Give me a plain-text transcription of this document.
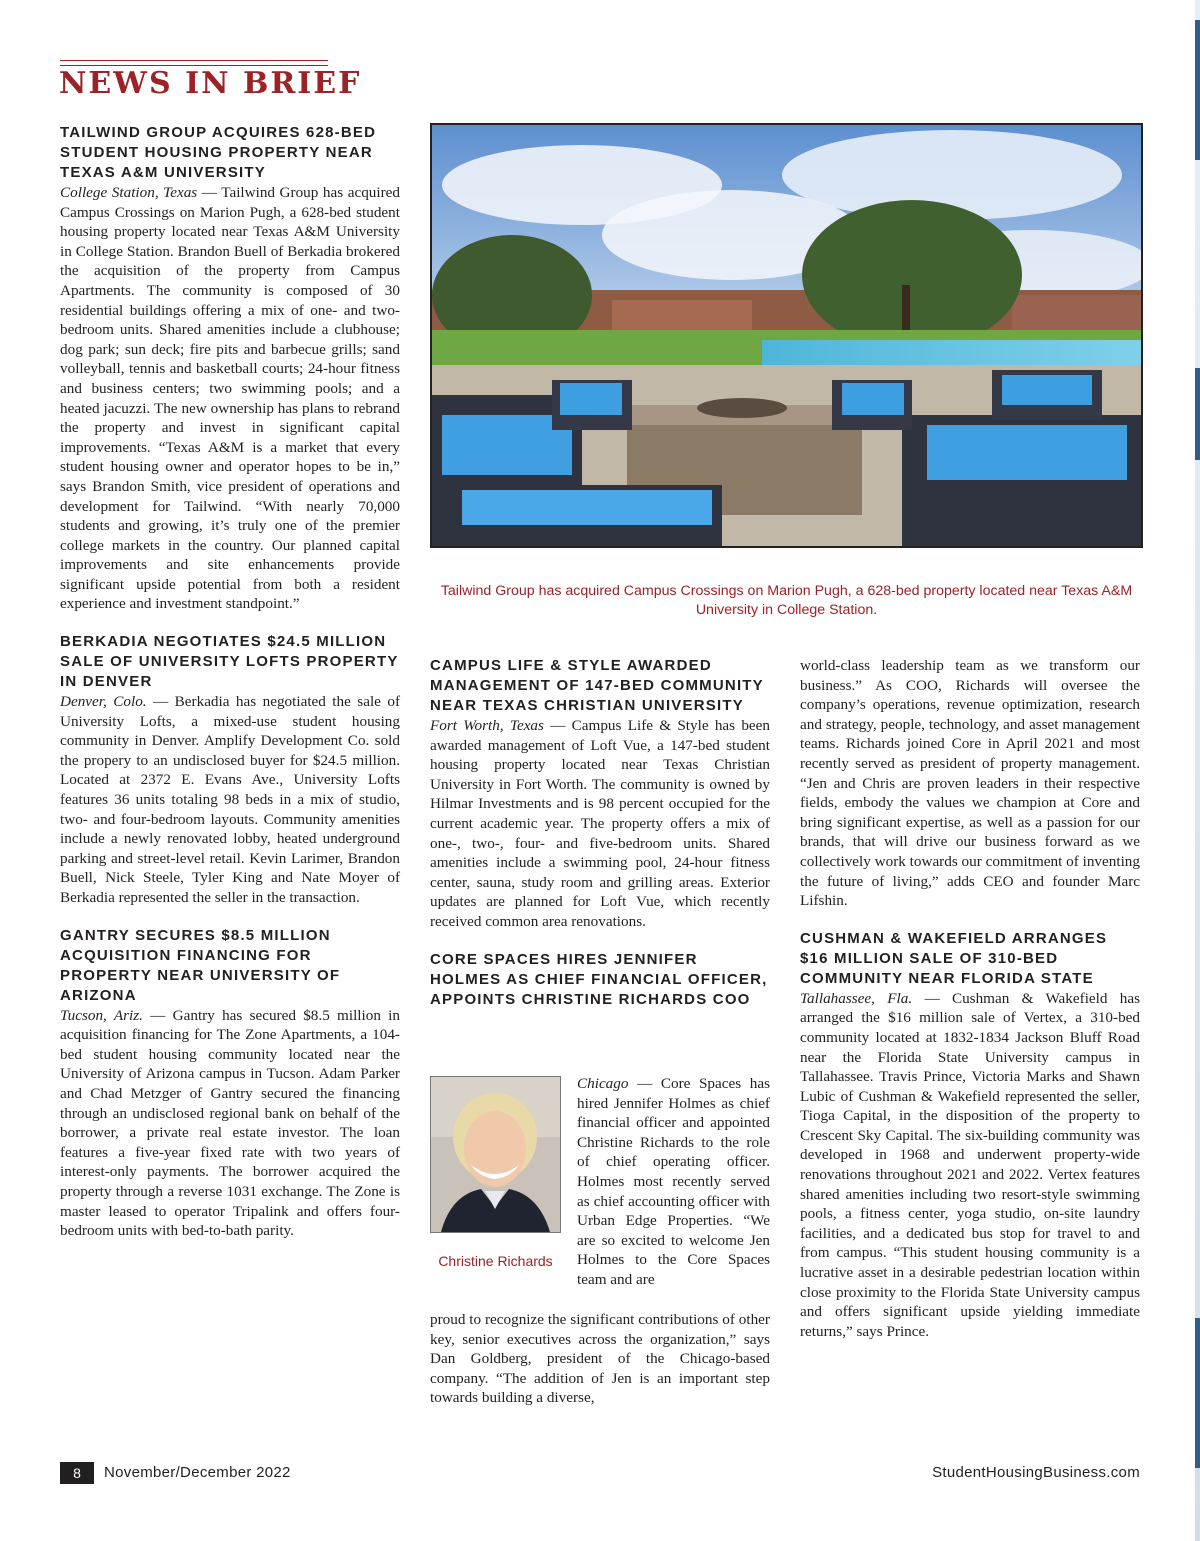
NEWS IN BRIEF
TAILWIND GROUP ACQUIRES 628-BED STUDENT HOUSING PROPERTY NEAR TEXAS A&M UNIVERSITY

College Station, Texas — Tailwind Group has acquired Campus Crossings on Marion Pugh, a 628-bed student housing property located near Texas A&M University in College Station. Brandon Buell of Berkadia brokered the acquisition of the property from Campus Apartments. The community is composed of 30 residential buildings offering a mix of one- and two-bedroom units. Shared amenities include a clubhouse; dog park; sun deck; fire pits and barbecue grills; sand volleyball, tennis and basketball courts; 24-hour fitness and business centers; two swimming pools; and a heated jacuzzi. The new ownership has plans to rebrand the property and invest in significant capital improvements. “Texas A&M is a market that every student housing owner and operator hopes to be in,” says Brandon Smith, vice president of operations and development for Tailwind. “With nearly 70,000 students and growing, it’s truly one of the premier college markets in the country. Our planned capital improvements and site enhancements provide significant upside potential from both a resident experience and investment standpoint.”

BERKADIA NEGOTIATES $24.5 MILLION SALE OF UNIVERSITY LOFTS PROPERTY IN DENVER

Denver, Colo. — Berkadia has negotiated the sale of University Lofts, a mixed-use student housing community in Denver. Amplify Development Co. sold the propery to an undisclosed buyer for $24.5 million. Located at 2372 E. Evans Ave., University Lofts features 36 units totaling 98 beds in a mix of studio, two- and four-bedroom layouts. Community amenities include a newly renovated lobby, heated underground parking and street-level retail. Kevin Larimer, Brandon Buell, Nick Steele, Tyler King and Nate Moyer of Berkadia represented the seller in the transaction.

GANTRY SECURES $8.5 MILLION ACQUISITION FINANCING FOR PROPERTY NEAR UNIVERSITY OF ARIZONA

Tucson, Ariz. — Gantry has secured $8.5 million in acquisition financing for The Zone Apartments, a 104-bed student housing community located near the University of Arizona campus in Tucson. Adam Parker and Chad Metzger of Gantry secured the financing through an undisclosed regional bank on behalf of the borrower, a private real estate investor. The loan features a five-year fixed rate with two years of interest-only payments. The borrower acquired the property through a reverse 1031 exchange. The Zone is master leased to operator Tripalink and offers four-bedroom units with bed-to-bath parity.

Tailwind Group has acquired Campus Crossings on Marion Pugh, a 628-bed property located near Texas A&M University in College Station.

CAMPUS LIFE & STYLE AWARDED MANAGEMENT OF 147-BED COMMUNITY NEAR TEXAS CHRISTIAN UNIVERSITY

Fort Worth, Texas — Campus Life & Style has been awarded management of Loft Vue, a 147-bed student housing property located near Texas Christian University in Fort Worth. The community is owned by Hilmar Investments and is 98 percent occupied for the current academic year. The property offers a mix of one-, two-, four- and five-bedroom units. Shared amenities include a swimming pool, 24-hour fitness center, sauna, study room and grilling areas. Exterior updates are planned for Loft Vue, which recently received common area renovations.

CORE SPACES HIRES JENNIFER HOLMES AS CHIEF FINANCIAL OFFICER, APPOINTS CHRISTINE RICHARDS COO

Christine Richards

Chicago — Core Spaces has hired Jennifer Holmes as chief financial officer and appointed Christine Richards to the role of chief operating officer. Holmes most recently served as chief accounting officer with Urban Edge Properties. “We are so excited to welcome Jen Holmes to the Core Spaces team and are

proud to recognize the significant contributions of other key, senior executives across the organization,” says Dan Goldberg, president of the Chicago-based company. “The addition of Jen is an important step towards building a diverse,

world-class leadership team as we transform our business.” As COO, Richards will oversee the company’s operations, revenue optimization, research and strategy, people, technology, and asset management teams. Richards joined Core in April 2021 and most recently served as president of property management. “Jen and Chris are proven leaders in their respective fields, embody the values we champion at Core and bring significant expertise, as well as a passion for our brands, that will drive our business forward as we collectively work towards our commitment of inventing the future of living,” adds CEO and founder Marc Lifshin.

CUSHMAN & WAKEFIELD ARRANGES $16 MILLION SALE OF 310-BED COMMUNITY NEAR FLORIDA STATE

Tallahassee, Fla. — Cushman & Wakefield has arranged the $16 million sale of Vertex, a 310-bed community located at 1832-1834 Jackson Bluff Road near the Florida State University campus in Tallahassee. Travis Prince, Victoria Marks and Shawn Lubic of Cushman & Wakefield represented the seller, Tioga Capital, in the disposition of the property to Crescent Sky Capital. The six-building community was developed in 1968 and underwent property-wide renovations throughout 2021 and 2022. Vertex features shared amenities including two resort-style swimming pools, a fitness center, yoga studio, on-site laundry facilities, and a dedicated bus stop for travel to and from campus. “This student housing community is a lucrative asset in a desirable pedestrian location within close proximity to the Florida State University campus and offers significant upside yielding immediate returns,” says Prince.

8	November/December 2022	StudentHousingBusiness.com
